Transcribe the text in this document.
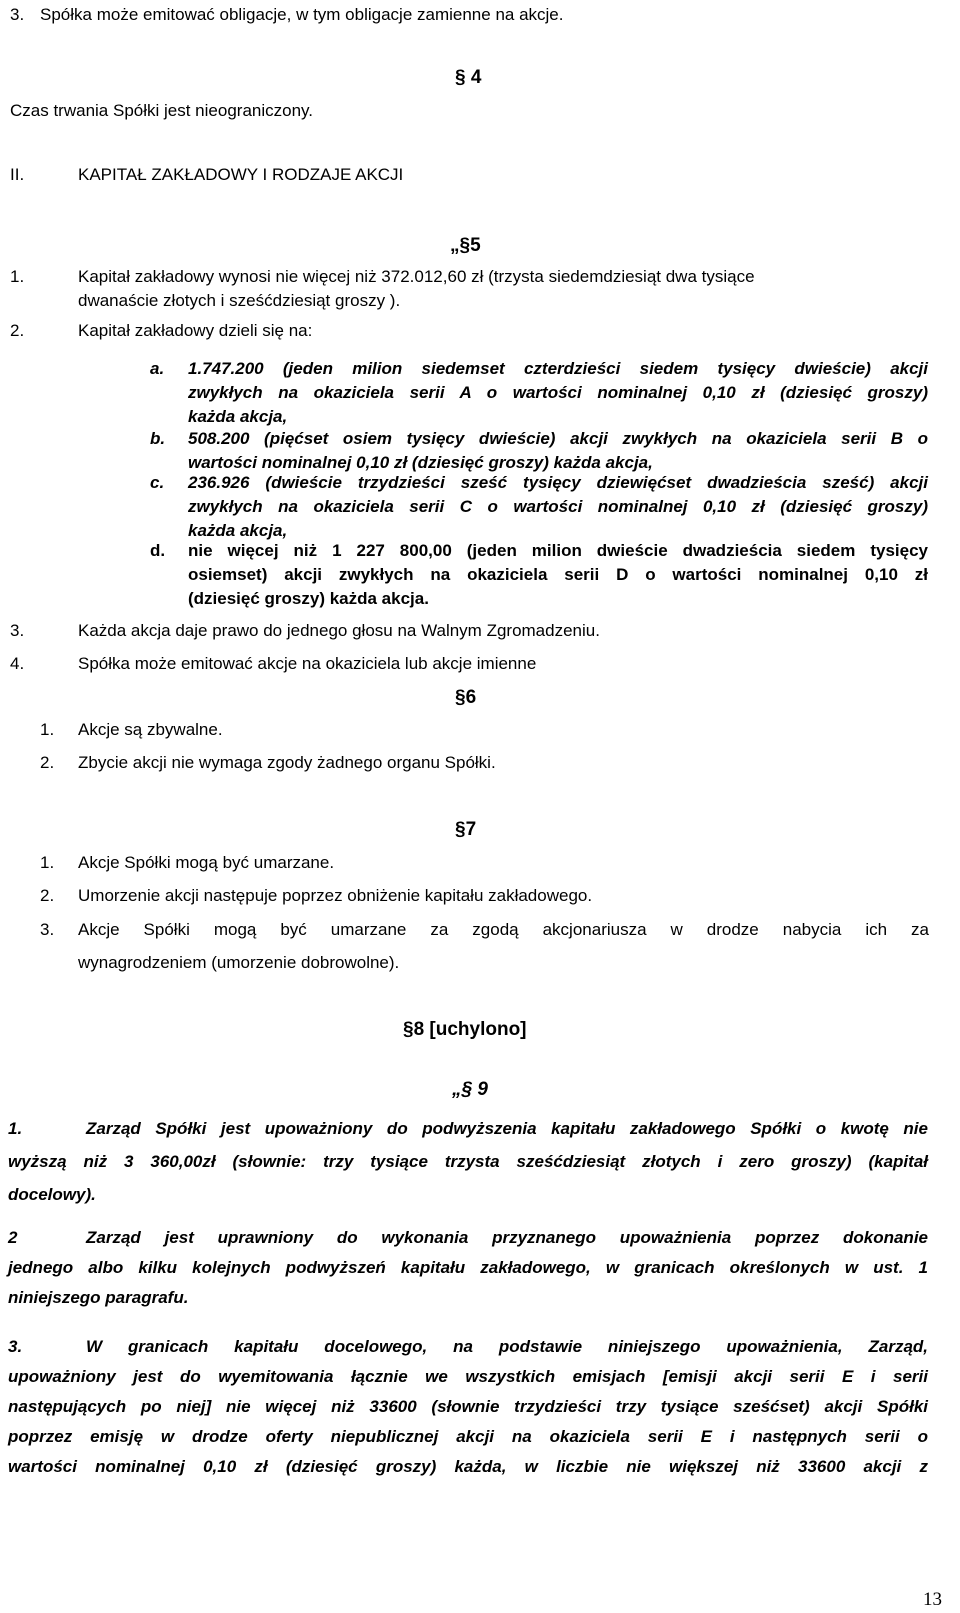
3. Spółka może emitować obligacje, w tym obligacje zamienne na akcje.
§ 4
Czas trwania Spółki jest nieograniczony.
II.	KAPITAŁ ZAKŁADOWY I RODZAJE AKCJI
„§5
1.	Kapitał zakładowy wynosi nie więcej niż 372.012,60 zł (trzysta siedemdziesiąt dwa tysiące
dwanaście złotych i sześćdziesiąt groszy ).
2.	Kapitał zakładowy dzieli się na:
a. 1.747.200 (jeden milion siedemset czterdzieści siedem tysięcy dwieście) akcji
zwykłych na okaziciela serii A o wartości nominalnej 0,10 zł (dziesięć groszy)
każda akcja,
b. 508.200 (pięćset osiem tysięcy dwieście) akcji zwykłych na okaziciela serii B o
wartości nominalnej 0,10 zł (dziesięć groszy) każda akcja,
c. 236.926 (dwieście trzydzieści sześć tysięcy dziewięćset dwadzieścia sześć) akcji
zwykłych na okaziciela serii C o wartości nominalnej 0,10 zł (dziesięć groszy)
każda akcja,
d. nie więcej niż 1 227 800,00 (jeden milion dwieście dwadzieścia siedem tysięcy
osiemset) akcji zwykłych na okaziciela serii D o wartości nominalnej 0,10 zł
(dziesięć groszy) każda akcja.
3.	Każda akcja daje prawo do jednego głosu na Walnym Zgromadzeniu.
4.	Spółka może emitować akcje na okaziciela lub akcje imienne
§6
1. Akcje są zbywalne.
2. Zbycie akcji nie wymaga zgody żadnego organu Spółki.
§7
1. Akcje Spółki mogą być umarzane.
2. Umorzenie akcji następuje poprzez obniżenie kapitału zakładowego.
3. Akcje Spółki mogą być umarzane za zgodą akcjonariusza w drodze nabycia ich za
wynagrodzeniem (umorzenie dobrowolne).
§8 [uchylono]
„§ 9
1.	Zarząd Spółki jest upoważniony do podwyższenia kapitału zakładowego Spółki o kwotę nie
wyższą niż 3 360,00zł (słownie: trzy tysiące trzysta sześćdziesiąt złotych i zero groszy) (kapitał
docelowy).
2	Zarząd jest uprawniony do wykonania przyznanego upoważnienia poprzez dokonanie
jednego albo kilku kolejnych podwyższeń kapitału zakładowego, w granicach określonych w ust. 1
niniejszego paragrafu.
3.	W granicach kapitału docelowego, na podstawie niniejszego upoważnienia, Zarząd,
upoważniony jest do wyemitowania łącznie we wszystkich emisjach [emisji akcji serii E i serii
następujących po niej] nie więcej niż 33600 (słownie trzydzieści trzy tysiące sześćset) akcji Spółki
poprzez emisję w drodze oferty niepublicznej akcji na okaziciela serii E i następnych serii o
wartości nominalnej 0,10 zł (dziesięć groszy) każda, w liczbie nie większej niż 33600 akcji z
13
